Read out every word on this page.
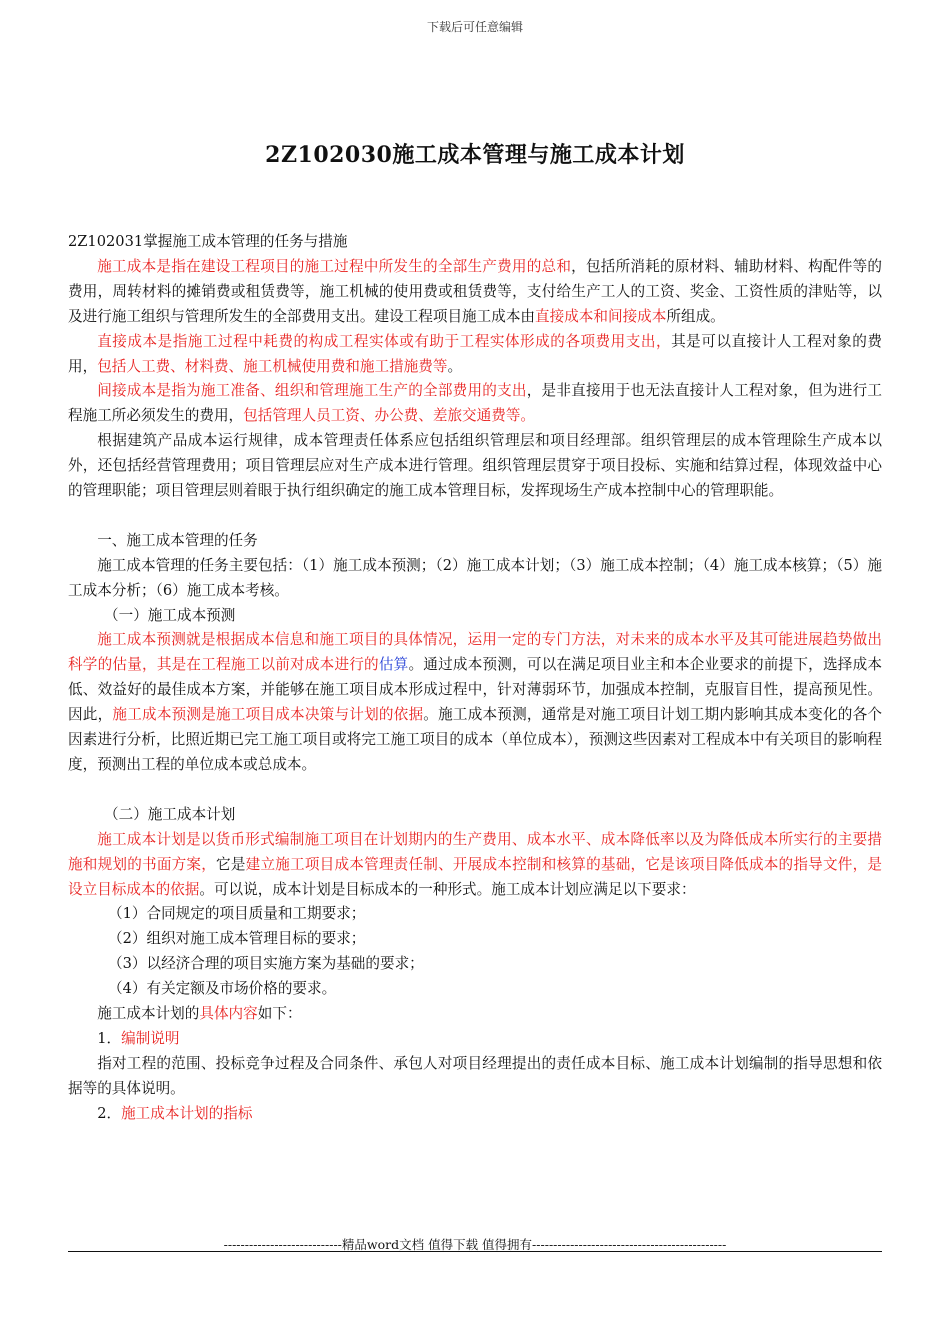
下载后可任意编辑
2Z102030施工成本管理与施工成本计划

2Z102031掌握施工成本管理的任务与措施

施工成本是指在建设工程项目的施工过程中所发生的全部生产费用的总和，包括所消耗的原材料、辅助材料、构配件等的费用，周转材料的摊销费或租赁费等，施工机械的使用费或租赁费等，支付给生产工人的工资、奖金、工资性质的津贴等，以及进行施工组织与管理所发生的全部费用支出。建设工程项目施工成本由直接成本和间接成本所组成。

直接成本是指施工过程中耗费的构成工程实体或有助于工程实体形成的各项费用支出，其是可以直接计人工程对象的费用，包括人工费、材料费、施工机械使用费和施工措施费等。

间接成本是指为施工准备、组织和管理施工生产的全部费用的支出，是非直接用于也无法直接计人工程对象，但为进行工程施工所必须发生的费用，包括管理人员工资、办公费、差旅交通费等。

根据建筑产品成本运行规律，成本管理责任体系应包括组织管理层和项目经理部。组织管理层的成本管理除生产成本以外，还包括经营管理费用；项目管理层应对生产成本进行管理。组织管理层贯穿于项目投标、实施和结算过程，体现效益中心的管理职能；项目管理层则着眼于执行组织确定的施工成本管理目标，发挥现场生产成本控制中心的管理职能。

一、施工成本管理的任务

施工成本管理的任务主要包括：（1）施工成本预测；（2）施工成本计划；（3）施工成本控制；（4）施工成本核算；（5）施工成本分析；（6）施工成本考核。

（一）施工成本预测

施工成本预测就是根据成本信息和施工项目的具体情况，运用一定的专门方法，对未来的成本水平及其可能进展趋势做出科学的估量，其是在工程施工以前对成本进行的估算。通过成本预测，可以在满足项目业主和本企业要求的前提下，选择成本低、效益好的最佳成本方案，并能够在施工项目成本形成过程中，针对薄弱环节，加强成本控制，克服盲目性，提高预见性。因此，施工成本预测是施工项目成本决策与计划的依据。施工成本预测，通常是对施工项目计划工期内影响其成本变化的各个因素进行分析，比照近期已完工施工项目或将完工施工项目的成本（单位成本），预测这些因素对工程成本中有关项目的影响程度，预测出工程的单位成本或总成本。

（二）施工成本计划

施工成本计划是以货币形式编制施工项目在计划期内的生产费用、成本水平、成本降低率以及为降低成本所实行的主要措施和规划的书面方案，它是建立施工项目成本管理责任制、开展成本控制和核算的基础，它是该项目降低成本的指导文件，是设立目标成本的依据。可以说，成本计划是目标成本的一种形式。施工成本计划应满足以下要求：

（1）合同规定的项目质量和工期要求；

（2）组织对施工成本管理目标的要求；

（3）以经济合理的项目实施方案为基础的要求；

（4）有关定额及市场价格的要求。

施工成本计划的具体内容如下：

1．编制说明

指对工程的范围、投标竞争过程及合同条件、承包人对项目经理提出的责任成本目标、施工成本计划编制的指导思想和依据等的具体说明。

2．施工成本计划的指标

----------------------------精品word文档 值得下载 值得拥有----------------------------------------------
